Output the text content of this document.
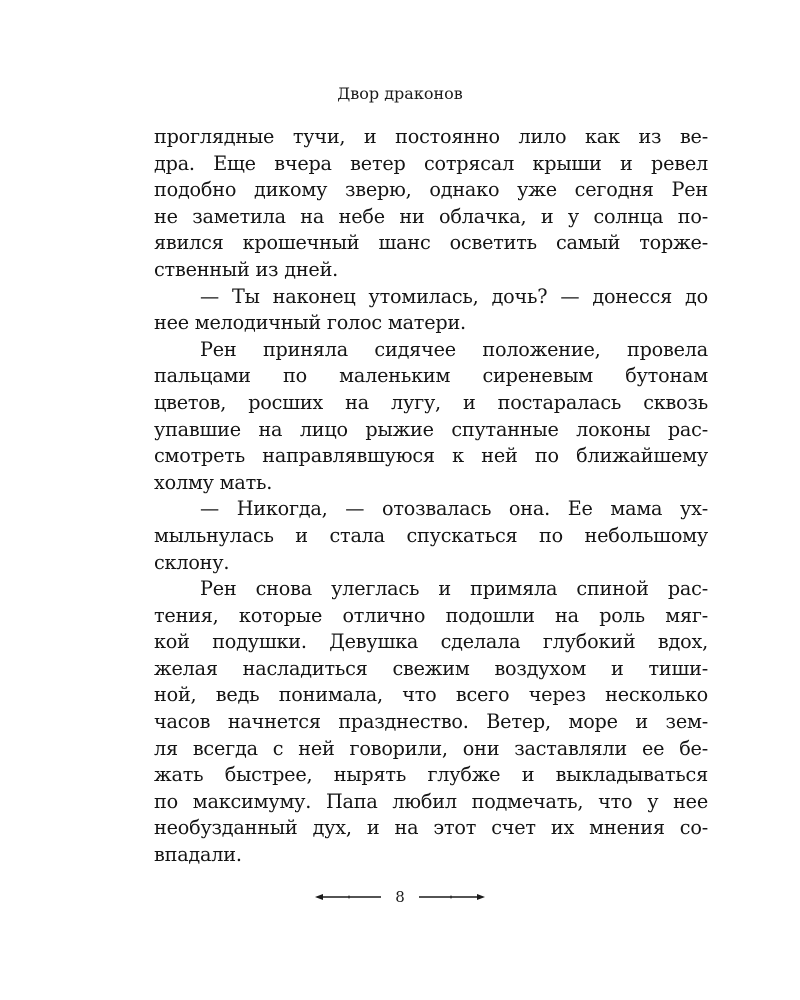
Двор драконов
проглядные тучи, и постоянно лило как из ве-
дра. Еще вчера ветер сотрясал крыши и ревел
подобно дикому зверю, однако уже сегодня Рен
не заметила на небе ни облачка, и у солнца по-
явился крошечный шанс осветить самый торже-
ственный из дней.
— Ты наконец утомилась, дочь? — донесся до
нее мелодичный голос матери.
Рен приняла сидячее положение, провела
пальцами по маленьким сиреневым бутонам
цветов, росших на лугу, и постаралась сквозь
упавшие на лицо рыжие спутанные локоны рас-
смотреть направлявшуюся к ней по ближайшему
холму мать.
— Никогда, — отозвалась она. Ее мама ух-
мыльнулась и стала спускаться по небольшому
склону.
Рен снова улеглась и примяла спиной рас-
тения, которые отлично подошли на роль мяг-
кой подушки. Девушка сделала глубокий вдох,
желая насладиться свежим воздухом и тиши-
ной, ведь понимала, что всего через несколько
часов начнется празднество. Ветер, море и зем-
ля всегда с ней говорили, они заставляли ее бе-
жать быстрее, нырять глубже и выкладываться
по максимуму. Папа любил подмечать, что у нее
необузданный дух, и на этот счет их мнения со-
впадали.
8
